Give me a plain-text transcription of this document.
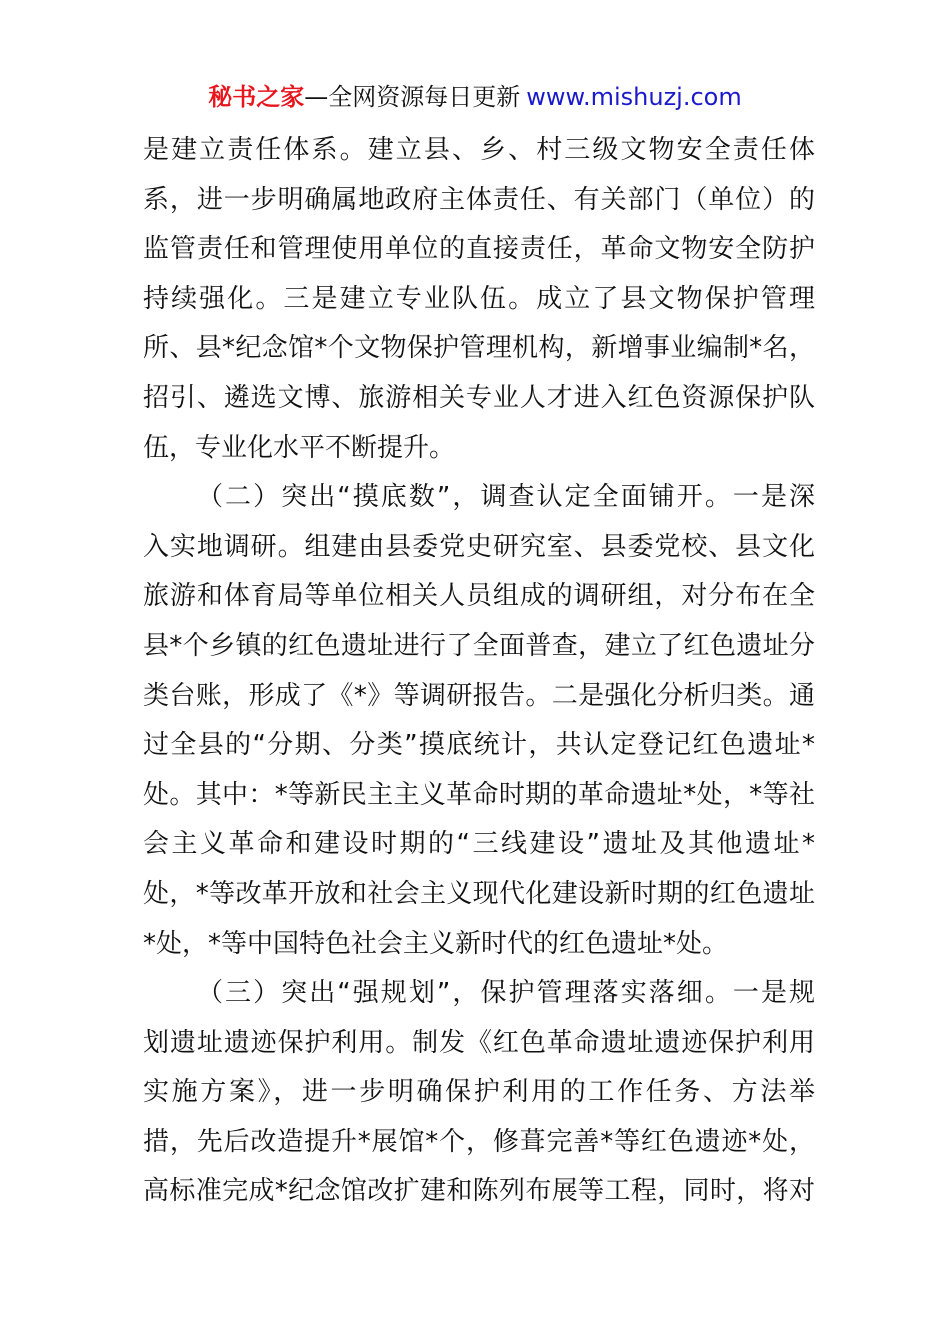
秘书之家—全网资源每日更新 www.mishuzj.com
是建立责任体系。建立县、乡、村三级文物安全责任体
系，进一步明确属地政府主体责任、有关部门（单位）的
监管责任和管理使用单位的直接责任，革命文物安全防护
持续强化。三是建立专业队伍。成立了县文物保护管理
所、县*纪念馆*个文物保护管理机构，新增事业编制*名，
招引、遴选文博、旅游相关专业人才进入红色资源保护队
伍，专业化水平不断提升。
（二）突出“摸底数”，调查认定全面铺开。一是深
入实地调研。组建由县委党史研究室、县委党校、县文化
旅游和体育局等单位相关人员组成的调研组，对分布在全
县*个乡镇的红色遗址进行了全面普查，建立了红色遗址分
类台账，形成了《*》等调研报告。二是强化分析归类。通
过全县的“分期、分类”摸底统计，共认定登记红色遗址*
处。其中：*等新民主主义革命时期的革命遗址*处，*等社
会主义革命和建设时期的“三线建设”遗址及其他遗址*
处，*等改革开放和社会主义现代化建设新时期的红色遗址
*处，*等中国特色社会主义新时代的红色遗址*处。
（三）突出“强规划”，保护管理落实落细。一是规
划遗址遗迹保护利用。制发《红色革命遗址遗迹保护利用
实施方案》，进一步明确保护利用的工作任务、方法举
措，先后改造提升*展馆*个，修葺完善*等红色遗迹*处，
高标准完成*纪念馆改扩建和陈列布展等工程，同时，将对
